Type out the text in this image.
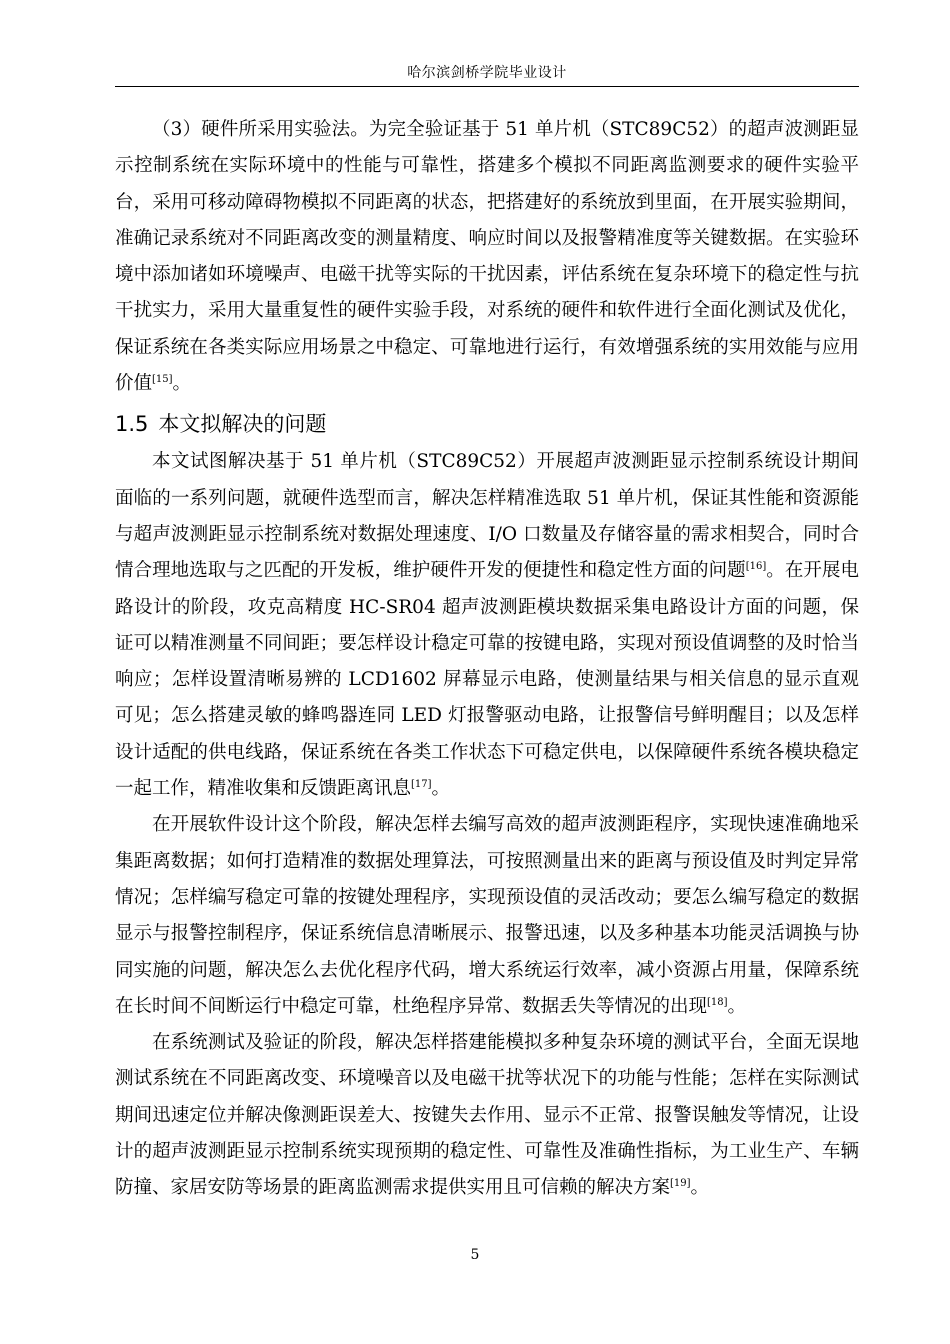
哈尔滨剑桥学院毕业设计

（3）硬件所采用实验法。为完全验证基于 51 单片机（STC89C52）的超声波测距显示控制系统在实际环境中的性能与可靠性，搭建多个模拟不同距离监测要求的硬件实验平台，采用可移动障碍物模拟不同距离的状态，把搭建好的系统放到里面，在开展实验期间，准确记录系统对不同距离改变的测量精度、响应时间以及报警精准度等关键数据。在实验环境中添加诸如环境噪声、电磁干扰等实际的干扰因素，评估系统在复杂环境下的稳定性与抗干扰实力，采用大量重复性的硬件实验手段，对系统的硬件和软件进行全面化测试及优化，保证系统在各类实际应用场景之中稳定、可靠地进行运行，有效增强系统的实用效能与应用价值[15]。

1.5 本文拟解决的问题

本文试图解决基于 51 单片机（STC89C52）开展超声波测距显示控制系统设计期间面临的一系列问题，就硬件选型而言，解决怎样精准选取 51 单片机，保证其性能和资源能与超声波测距显示控制系统对数据处理速度、I/O 口数量及存储容量的需求相契合，同时合情合理地选取与之匹配的开发板，维护硬件开发的便捷性和稳定性方面的问题[16]。在开展电路设计的阶段，攻克高精度 HC-SR04 超声波测距模块数据采集电路设计方面的问题，保证可以精准测量不同间距；要怎样设计稳定可靠的按键电路，实现对预设值调整的及时恰当响应；怎样设置清晰易辨的 LCD1602 屏幕显示电路，使测量结果与相关信息的显示直观可见；怎么搭建灵敏的蜂鸣器连同 LED 灯报警驱动电路，让报警信号鲜明醒目；以及怎样设计适配的供电线路，保证系统在各类工作状态下可稳定供电，以保障硬件系统各模块稳定一起工作，精准收集和反馈距离讯息[17]。

在开展软件设计这个阶段，解决怎样去编写高效的超声波测距程序，实现快速准确地采集距离数据；如何打造精准的数据处理算法，可按照测量出来的距离与预设值及时判定异常情况；怎样编写稳定可靠的按键处理程序，实现预设值的灵活改动；要怎么编写稳定的数据显示与报警控制程序，保证系统信息清晰展示、报警迅速，以及多种基本功能灵活调换与协同实施的问题，解决怎么去优化程序代码，增大系统运行效率，减小资源占用量，保障系统在长时间不间断运行中稳定可靠，杜绝程序异常、数据丢失等情况的出现[18]。

在系统测试及验证的阶段，解决怎样搭建能模拟多种复杂环境的测试平台，全面无误地测试系统在不同距离改变、环境噪音以及电磁干扰等状况下的功能与性能；怎样在实际测试期间迅速定位并解决像测距误差大、按键失去作用、显示不正常、报警误触发等情况，让设计的超声波测距显示控制系统实现预期的稳定性、可靠性及准确性指标，为工业生产、车辆防撞、家居安防等场景的距离监测需求提供实用且可信赖的解决方案[19]。

5
